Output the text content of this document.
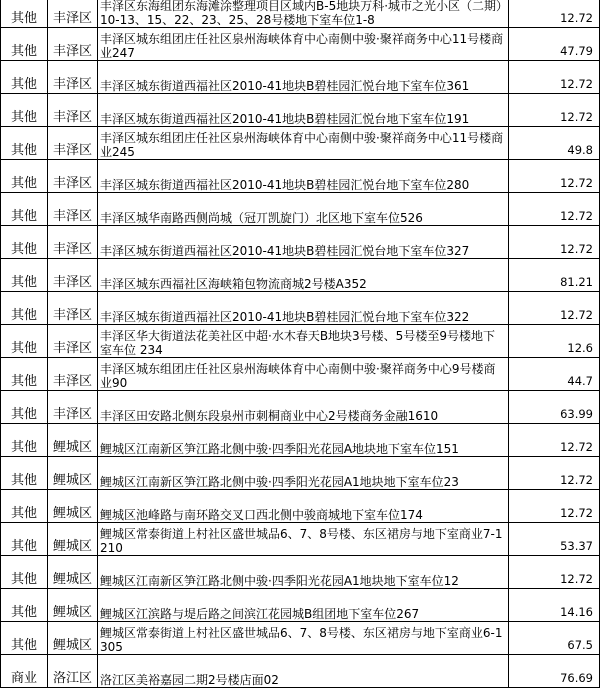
其他	丰泽区	丰泽区东海组团东海滩涂整理项目区域内B-5地块万科·城市之光小区（二期）10-13、15、22、23、25、28号楼地下室车位1-8	12.72
其他	丰泽区	丰泽区城东组团庄任社区泉州海峡体育中心南侧中骏·聚祥商务中心11号楼商业247	47.79
其他	丰泽区	丰泽区城东街道西福社区2010-41地块B碧桂园汇悦台地下室车位361	12.72
其他	丰泽区	丰泽区城东街道西福社区2010-41地块B碧桂园汇悦台地下室车位191	12.72
其他	丰泽区	丰泽区城东组团庄任社区泉州海峡体育中心南侧中骏·聚祥商务中心11号楼商业245	49.8
其他	丰泽区	丰泽区城东街道西福社区2010-41地块B碧桂园汇悦台地下室车位280	12.72
其他	丰泽区	丰泽区城华南路西侧尚城（冠丌凯旋门）北区地下室车位526	12.72
其他	丰泽区	丰泽区城东街道西福社区2010-41地块B碧桂园汇悦台地下室车位327	12.72
其他	丰泽区	丰泽区城东西福社区海峡箱包物流商城2号楼A352	81.21
其他	丰泽区	丰泽区城东街道西福社区2010-41地块B碧桂园汇悦台地下室车位322	12.72
其他	丰泽区	丰泽区华大街道法花美社区中超·水木春天B地块3号楼、5号楼至9号楼地下室车位 234	12.6
其他	丰泽区	丰泽区城东组团庄任社区泉州海峡体育中心南侧中骏·聚祥商务中心9号楼商业90	44.7
其他	丰泽区	丰泽区田安路北侧东段泉州市刺桐商业中心2号楼商务金融1610	63.99
其他	鲤城区	鲤城区江南新区笋江路北侧中骏·四季阳光花园A地块地下室车位151	12.72
其他	鲤城区	鲤城区江南新区笋江路北侧中骏·四季阳光花园A1地块地下室车位23	12.72
其他	鲤城区	鲤城区池峰路与南环路交叉口西北侧中骏商城地下室车位174	12.72
其他	鲤城区	鲤城区常泰街道上村社区盛世城品6、7、8号楼、东区裙房与地下室商业7-1210	53.37
其他	鲤城区	鲤城区江南新区笋江路北侧中骏·四季阳光花园A1地块地下室车位12	12.72
其他	鲤城区	鲤城区江滨路与堤后路之间滨江花园城B组团地下室车位267	14.16
其他	鲤城区	鲤城区常泰街道上村社区盛世城品6、7、8号楼、东区裙房与地下室商业6-1305	67.5
商业	洛江区	洛江区美裕嘉园二期2号楼店面02	76.69
